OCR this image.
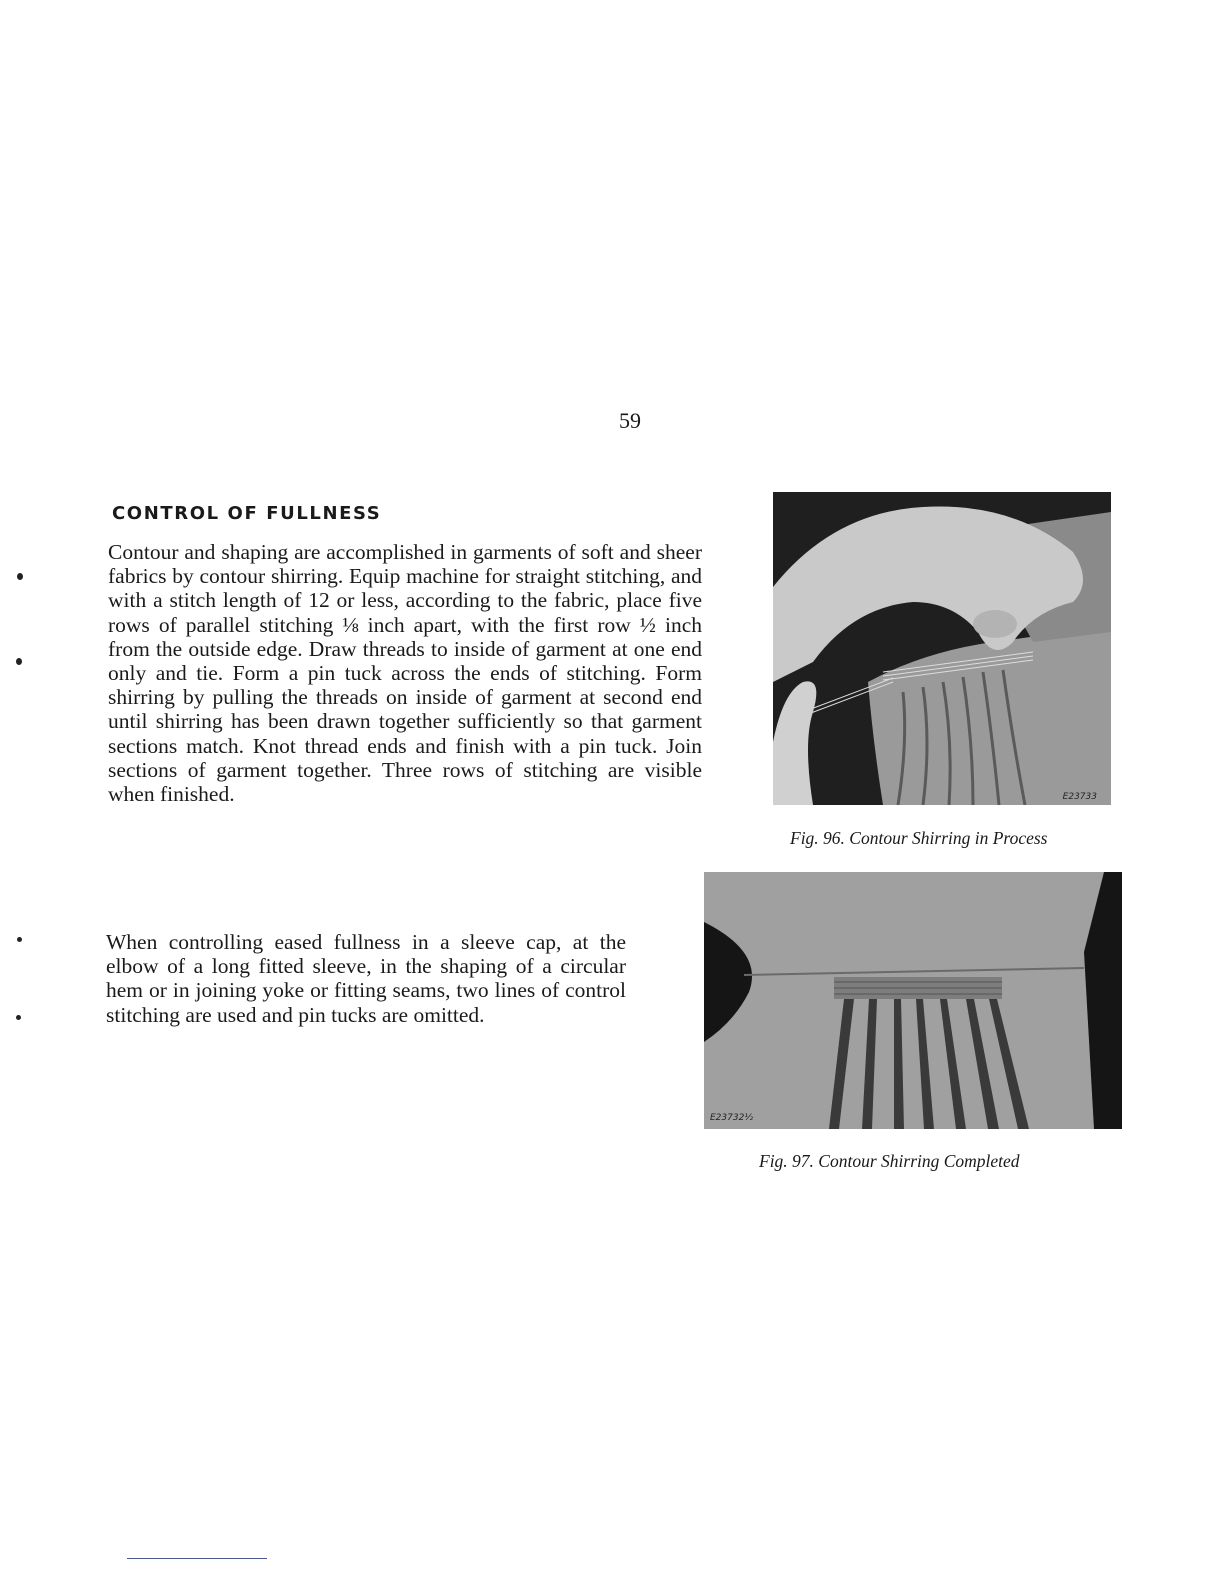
59
CONTROL OF FULLNESS
Contour and shaping are accomplished in garments of soft and sheer fabrics by contour shirring. Equip machine for straight stitching, and with a stitch length of 12 or less, according to the fabric, place five rows of parallel stitching ⅛ inch apart, with the first row ½ inch from the outside edge. Draw threads to inside of garment at one end only and tie. Form a pin tuck across the ends of stitching. Form shirring by pulling the threads on inside of garment at second end until shirring has been drawn together sufficiently so that garment sections match. Knot thread ends and finish with a pin tuck. Join sections of garment together. Three rows of stitching are visible when finished.
When controlling eased fullness in a sleeve cap, at the elbow of a long fitted sleeve, in the shaping of a circular hem or in joining yoke or fitting seams, two lines of control stitching are used and pin tucks are omitted.
E23733
Fig. 96. Contour Shirring in Process
E23732½
Fig. 97. Contour Shirring Completed
